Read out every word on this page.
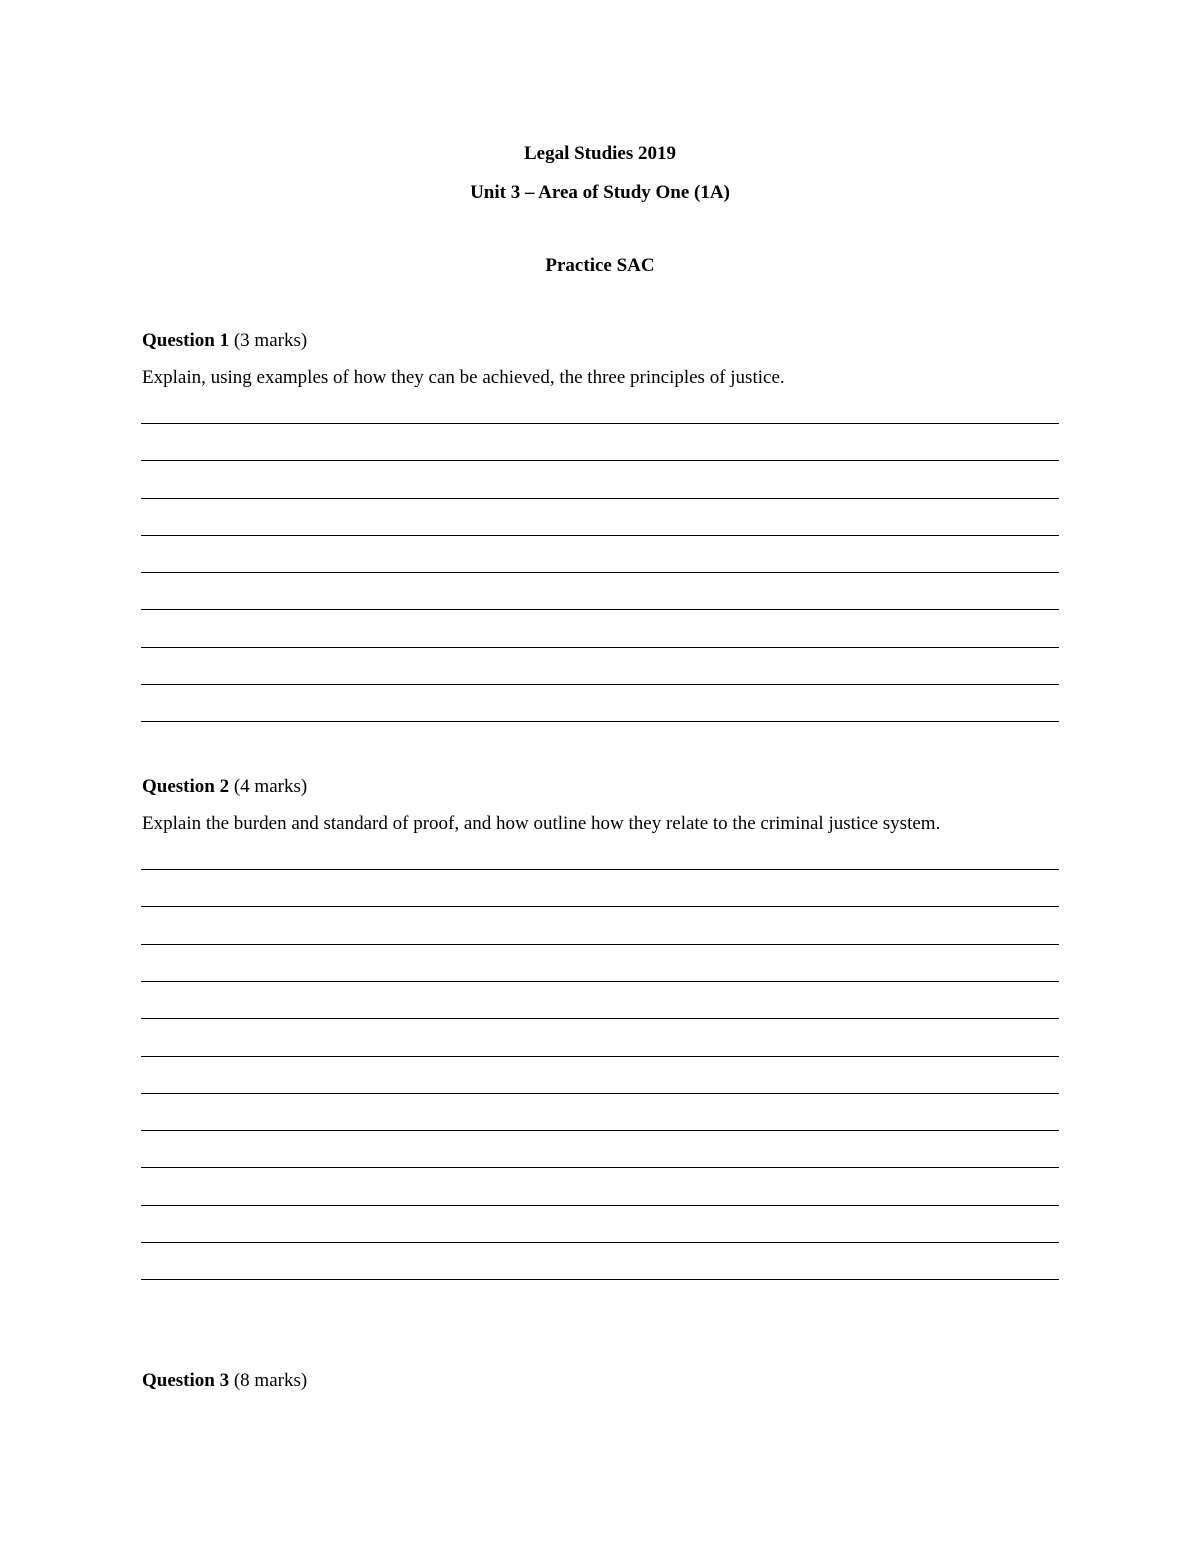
Legal Studies 2019
Unit 3 – Area of Study One (1A)
Practice SAC
Question 1 (3 marks)
Explain, using examples of how they can be achieved, the three principles of justice.
Question 2 (4 marks)
Explain the burden and standard of proof, and how outline how they relate to the criminal justice system.
Question 3 (8 marks)
